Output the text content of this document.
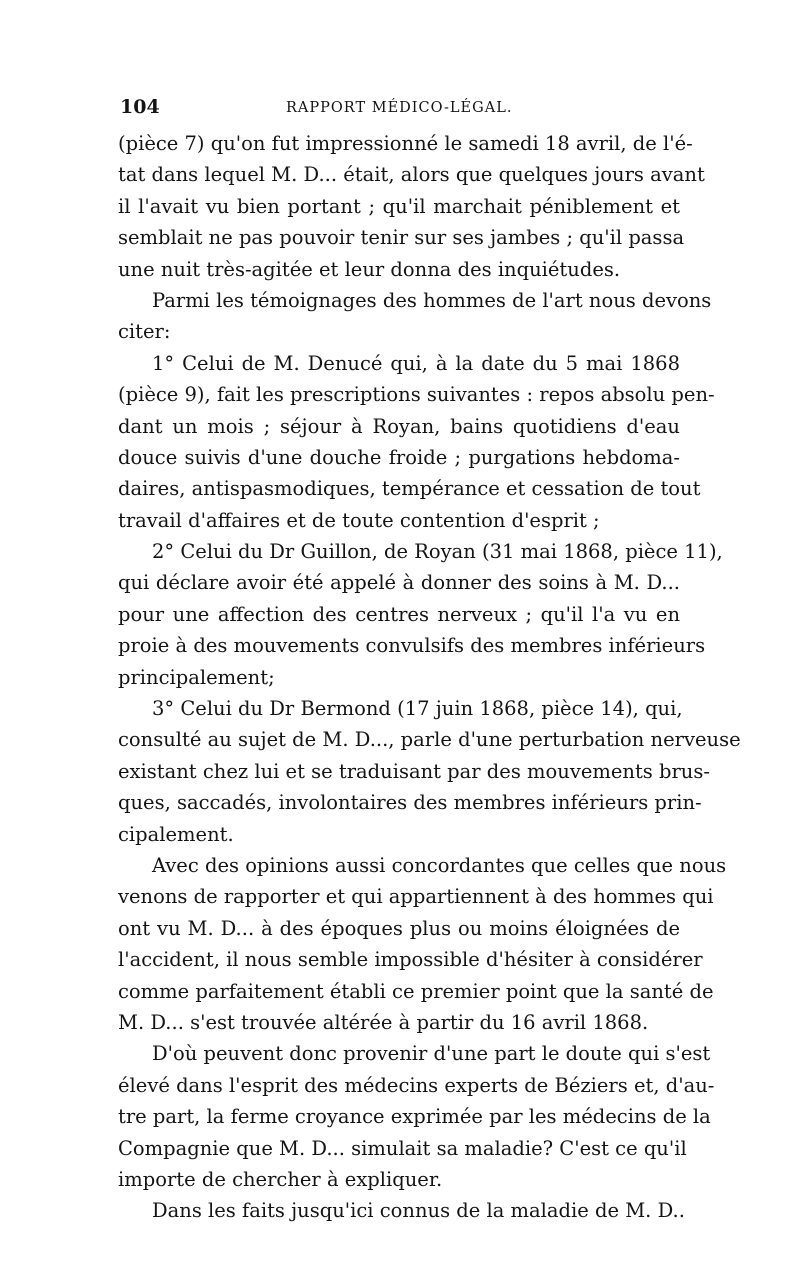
104	RAPPORT MÉDICO-LÉGAL.
(pièce 7) qu'on fut impressionné le samedi 18 avril, de l'é-
tat dans lequel M. D... était, alors que quelques jours avant
il l'avait vu bien portant ; qu'il marchait péniblement et
semblait ne pas pouvoir tenir sur ses jambes ; qu'il passa
une nuit très-agitée et leur donna des inquiétudes.
Parmi les témoignages des hommes de l'art nous devons
citer:
1° Celui de M. Denucé qui, à la date du 5 mai 1868
(pièce 9), fait les prescriptions suivantes : repos absolu pen-
dant un mois ; séjour à Royan, bains quotidiens d'eau
douce suivis d'une douche froide ; purgations hebdoma-
daires, antispasmodiques, tempérance et cessation de tout
travail d'affaires et de toute contention d'esprit ;
2° Celui du Dr Guillon, de Royan (31 mai 1868, pièce 11),
qui déclare avoir été appelé à donner des soins à M. D...
pour une affection des centres nerveux ; qu'il l'a vu en
proie à des mouvements convulsifs des membres inférieurs
principalement;
3° Celui du Dr Bermond (17 juin 1868, pièce 14), qui,
consulté au sujet de M. D..., parle d'une perturbation nerveuse
existant chez lui et se traduisant par des mouvements brus-
ques, saccadés, involontaires des membres inférieurs prin-
cipalement.
Avec des opinions aussi concordantes que celles que nous
venons de rapporter et qui appartiennent à des hommes qui
ont vu M. D... à des époques plus ou moins éloignées de
l'accident, il nous semble impossible d'hésiter à considérer
comme parfaitement établi ce premier point que la santé de
M. D... s'est trouvée altérée à partir du 16 avril 1868.
D'où peuvent donc provenir d'une part le doute qui s'est
élevé dans l'esprit des médecins experts de Béziers et, d'au-
tre part, la ferme croyance exprimée par les médecins de la
Compagnie que M. D... simulait sa maladie? C'est ce qu'il
importe de chercher à expliquer.
Dans les faits jusqu'ici connus de la maladie de M. D..
